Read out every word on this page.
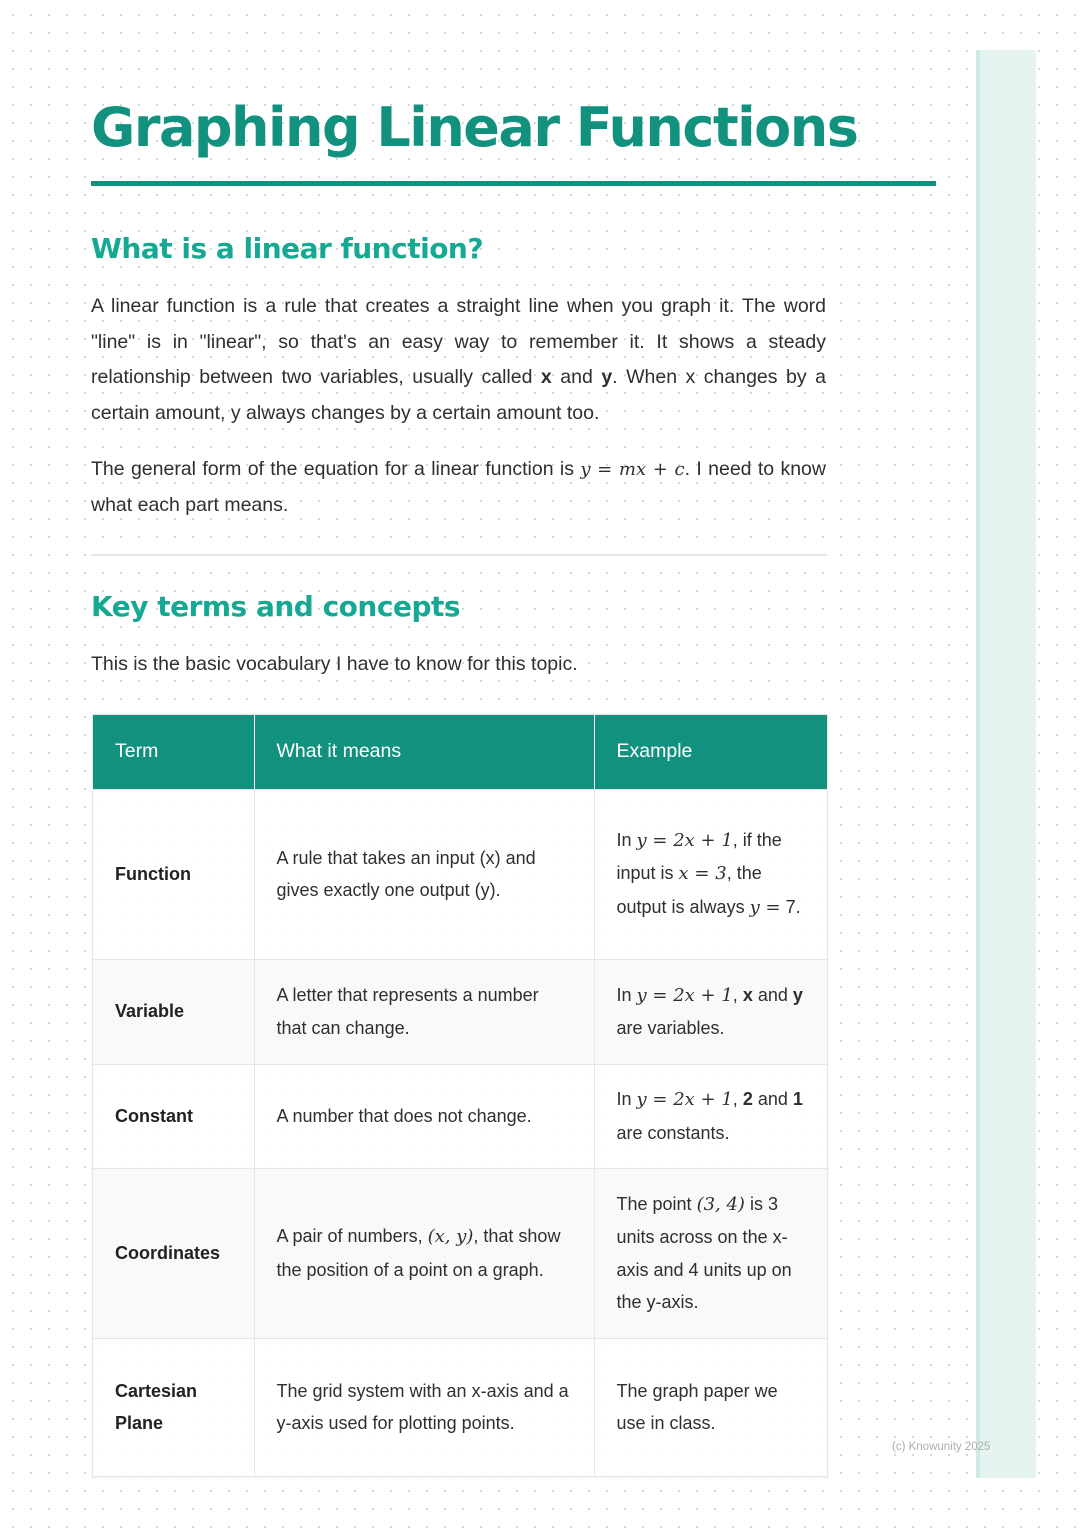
Graphing Linear Functions
What is a linear function?

A linear function is a rule that creates a straight line when you graph it. The word "line" is in "linear", so that's an easy way to remember it. It shows a steady relationship between two variables, usually called x and y. When x changes by a certain amount, y always changes by a certain amount too.

The general form of the equation for a linear function is y = mx + c. I need to know what each part means.

Key terms and concepts

This is the basic vocabulary I have to know for this topic.

Term	What it means	Example
Function	A rule that takes an input (x) and gives exactly one output (y).	In y = 2x + 1, if the input is x = 3, the output is always y = 7.
Variable	A letter that represents a number that can change.	In y = 2x + 1, x and y are variables.
Constant	A number that does not change.	In y = 2x + 1, 2 and 1 are constants.
Coordinates	A pair of numbers, (x, y), that show the position of a point on a graph.	The point (3, 4) is 3 units across on the x-axis and 4 units up on the y-axis.
Cartesian Plane	The grid system with an x-axis and a y-axis used for plotting points.	The graph paper we use in class.

(c) Knowunity 2025
